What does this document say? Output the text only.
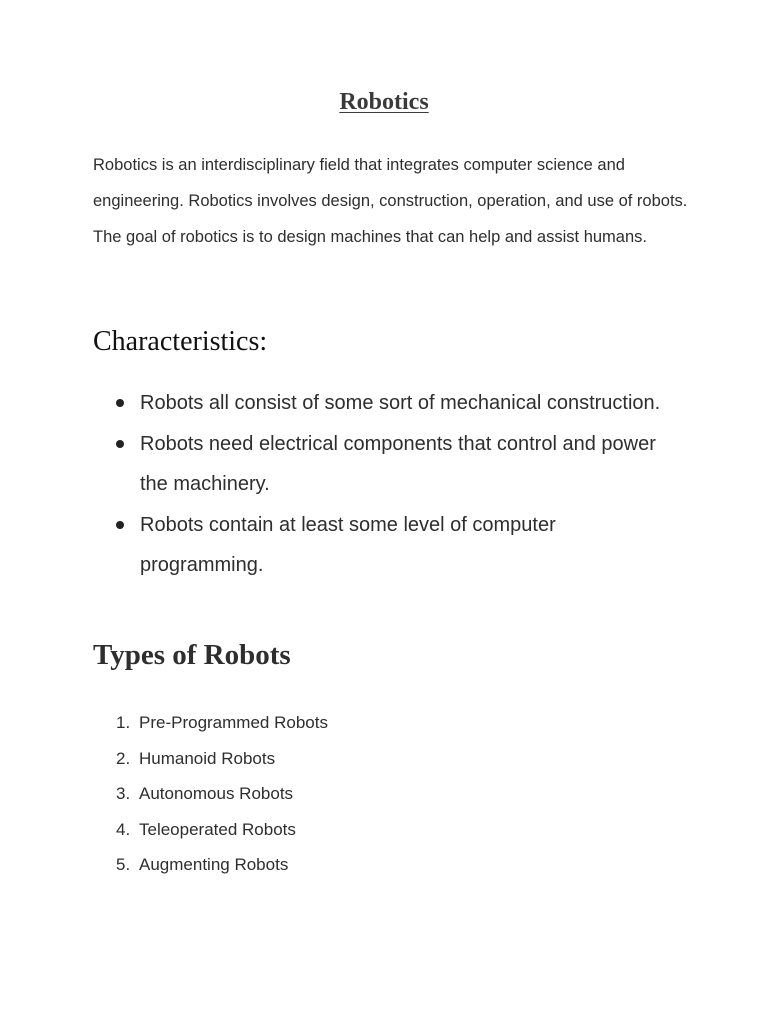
Robotics

Robotics is an interdisciplinary field that integrates computer science and engineering. Robotics involves design, construction, operation, and use of robots. The goal of robotics is to design machines that can help and assist humans.

Characteristics:
Robots all consist of some sort of mechanical construction.
Robots need electrical components that control and power the machinery.
Robots contain at least some level of computer programming.
Types of Robots
1. Pre-Programmed Robots
2. Humanoid Robots
3. Autonomous Robots
4. Teleoperated Robots
5. Augmenting Robots
